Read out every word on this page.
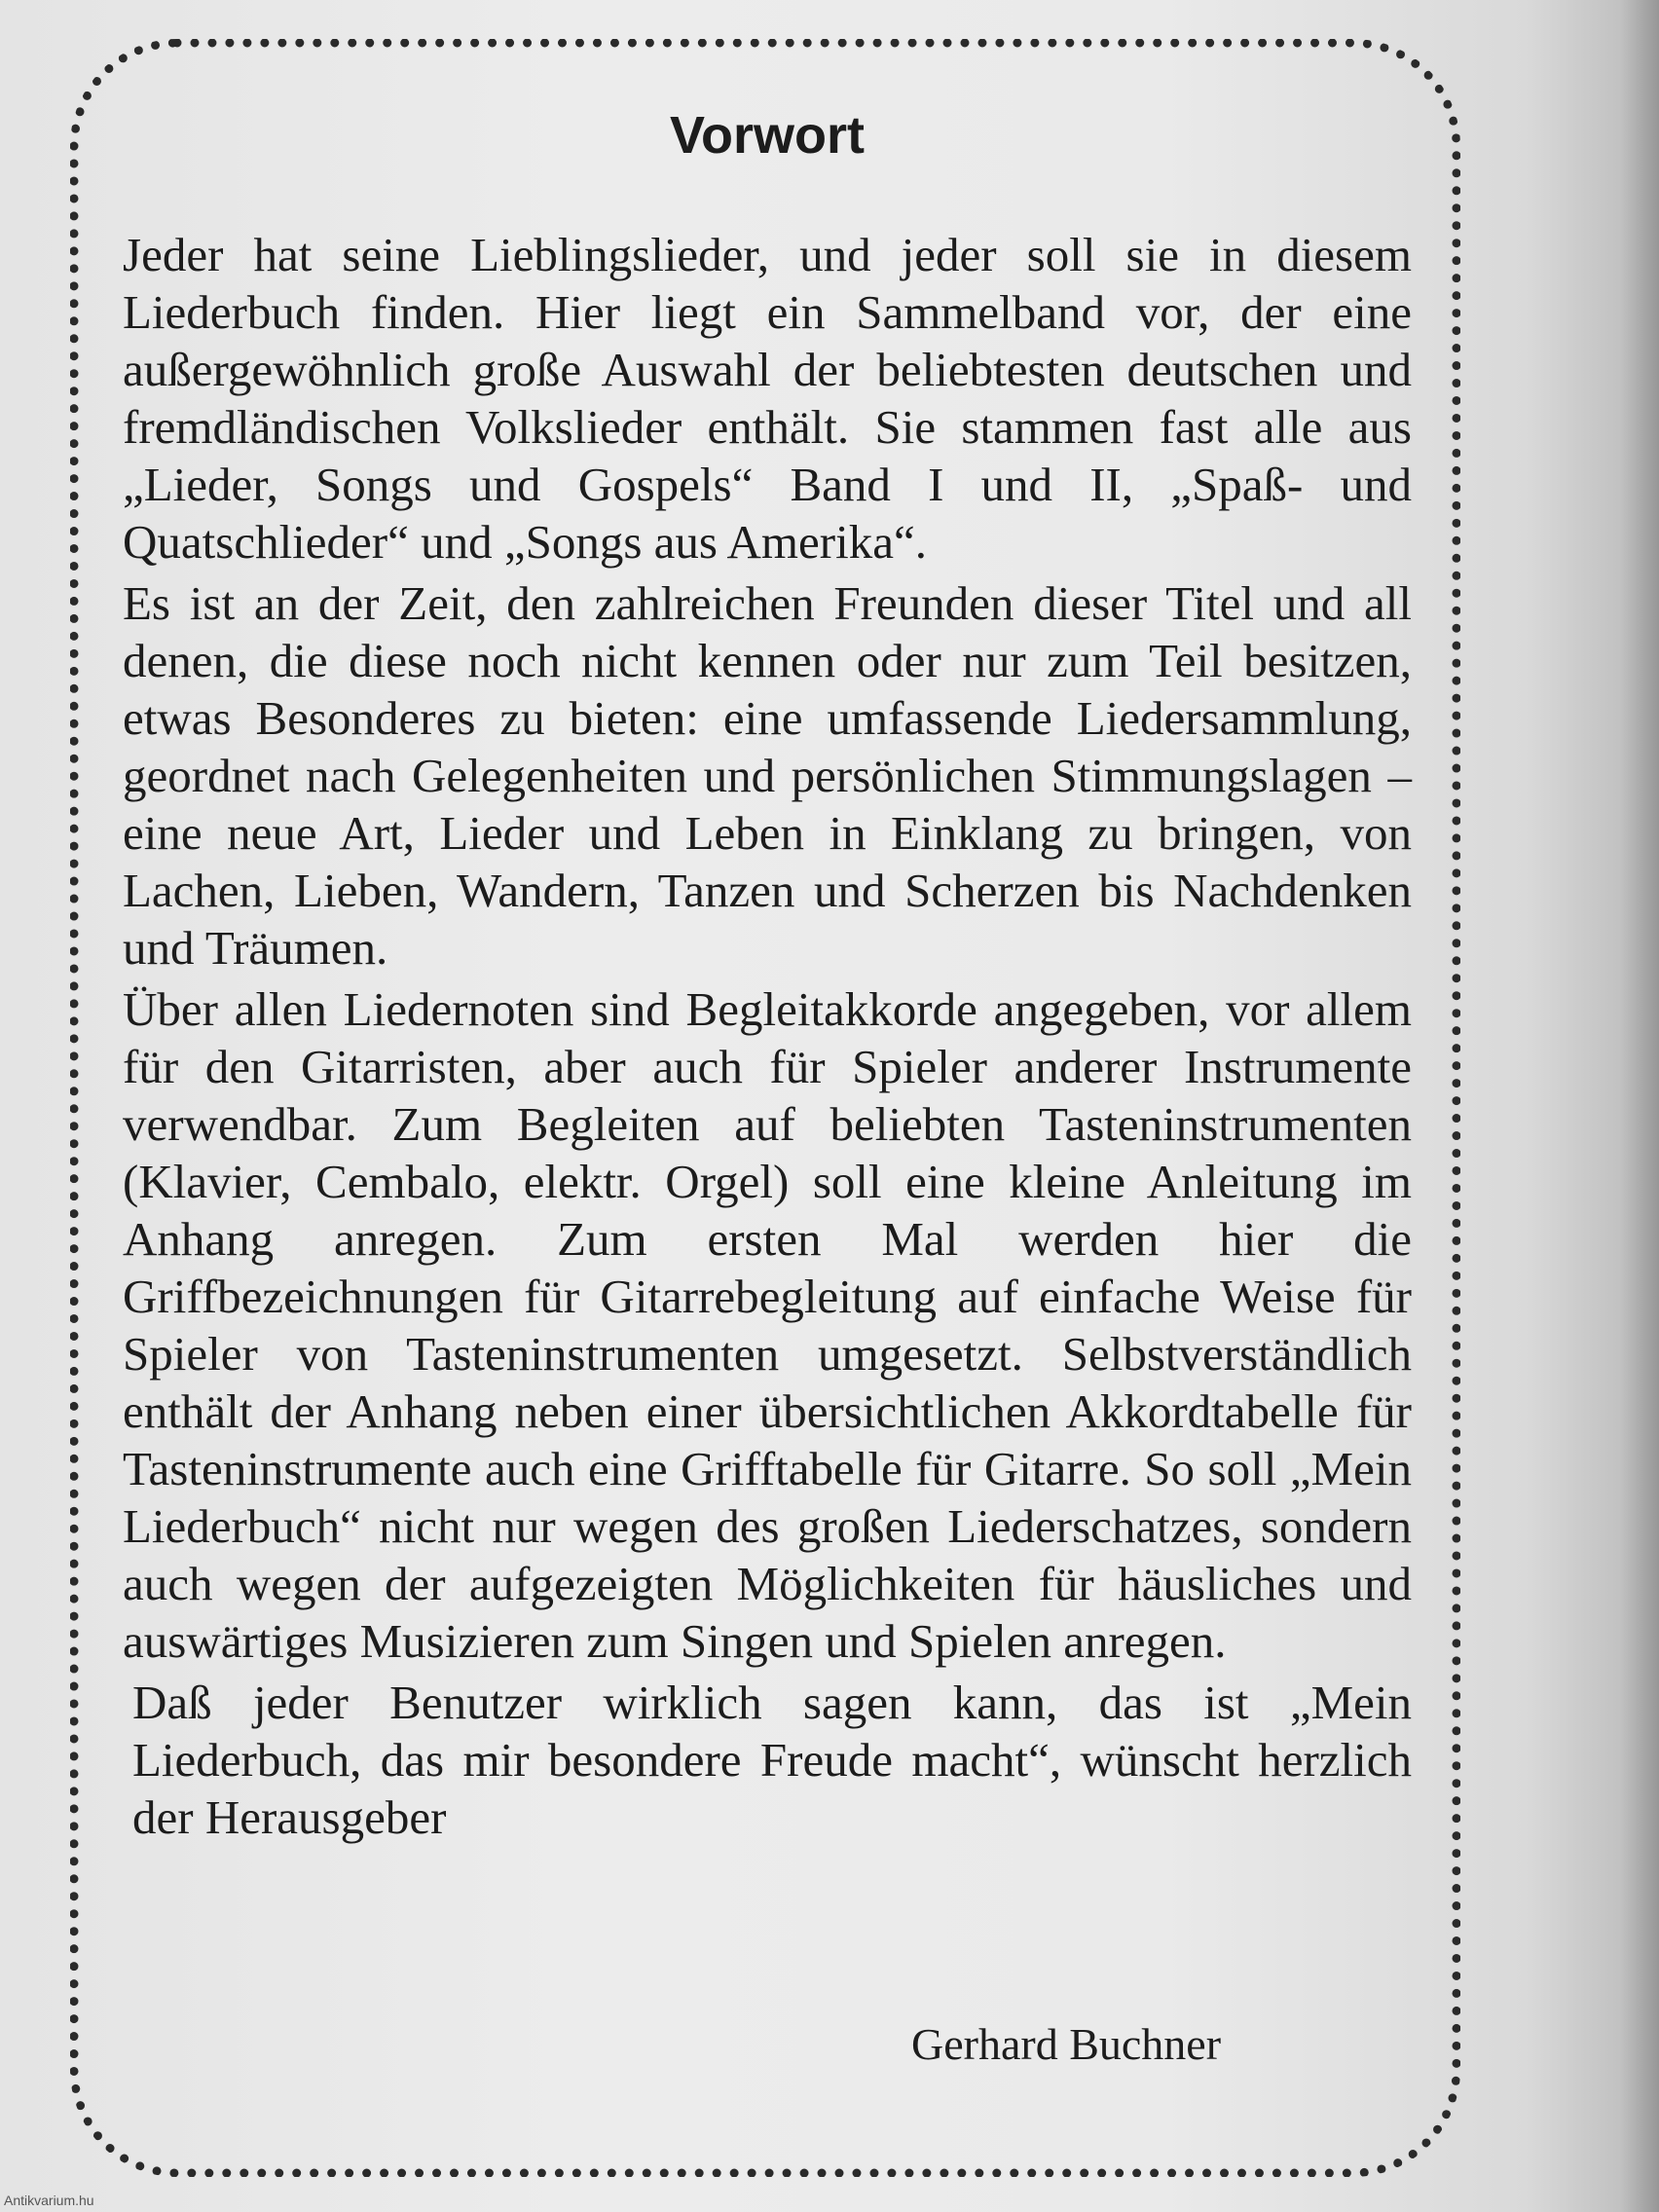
Vorwort

Jeder hat seine Lieblingslieder, und jeder soll sie in diesem Liederbuch finden. Hier liegt ein Sammelband vor, der eine außergewöhnlich große Auswahl der beliebtesten deutschen und fremdländischen Volkslieder enthält. Sie stammen fast alle aus „Lieder, Songs und Gospels“ Band I und II, „Spaß- und Quatschlieder“ und „Songs aus Amerika“.

Es ist an der Zeit, den zahlreichen Freunden dieser Titel und all denen, die diese noch nicht kennen oder nur zum Teil besitzen, etwas Besonderes zu bieten: eine umfassende Liedersammlung, geordnet nach Gelegenheiten und persönlichen Stimmungslagen – eine neue Art, Lieder und Leben in Einklang zu bringen, von Lachen, Lieben, Wandern, Tanzen und Scherzen bis Nachdenken und Träumen.

Über allen Liedernoten sind Begleitakkorde angegeben, vor allem für den Gitarristen, aber auch für Spieler anderer Instrumente verwendbar. Zum Begleiten auf beliebten Tasteninstrumenten (Klavier, Cembalo, elektr. Orgel) soll eine kleine Anleitung im Anhang anregen. Zum ersten Mal werden hier die Griffbezeichnungen für Gitarrebegleitung auf einfache Weise für Spieler von Tasteninstrumenten umgesetzt. Selbstverständlich enthält der Anhang neben einer übersichtlichen Akkordtabelle für Tasteninstrumente auch eine Grifftabelle für Gitarre. So soll „Mein Liederbuch“ nicht nur wegen des großen Liederschatzes, sondern auch wegen der aufgezeigten Möglichkeiten für häusliches und auswärtiges Musizieren zum Singen und Spielen anregen.

Daß jeder Benutzer wirklich sagen kann, das ist „Mein Liederbuch, das mir besondere Freude macht“, wünscht herzlich der Herausgeber

Gerhard Buchner
Antikvarium.hu
